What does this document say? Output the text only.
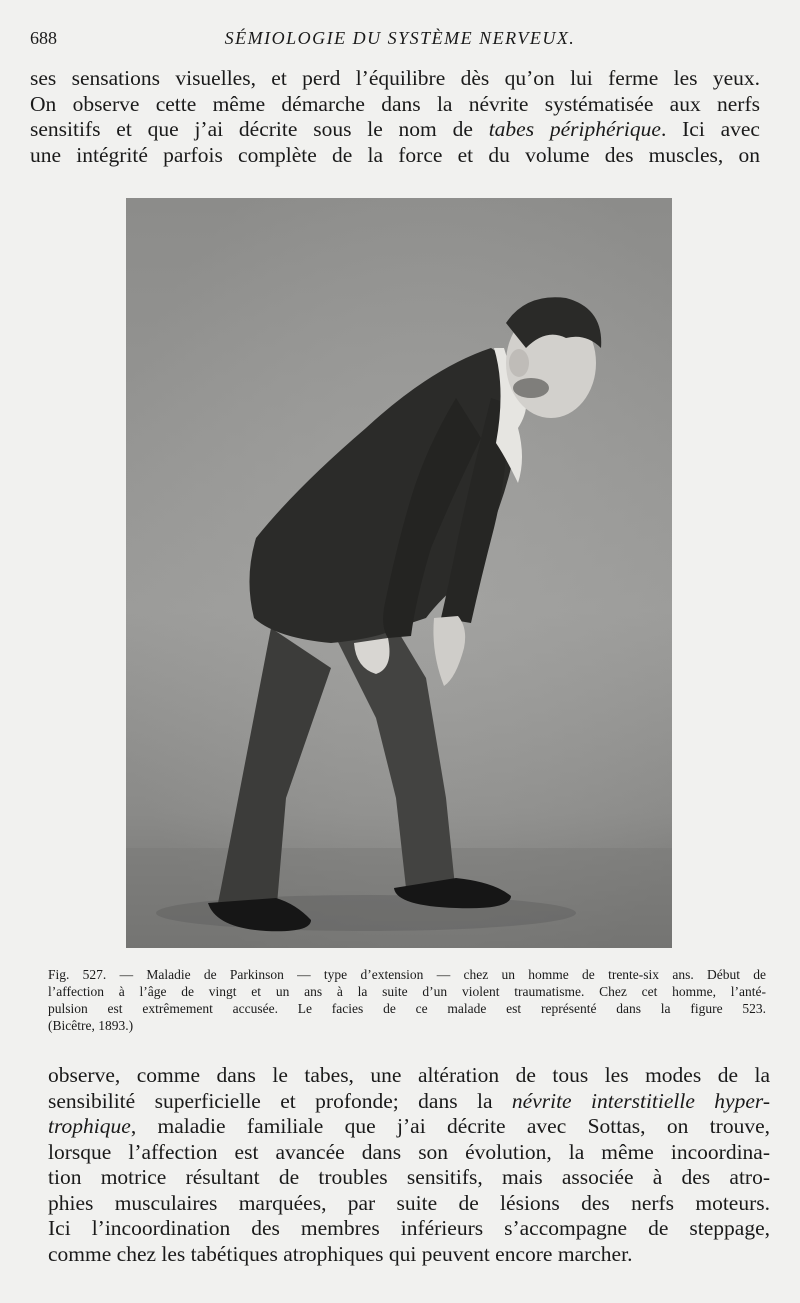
688	SÉMIOLOGIE DU SYSTÈME NERVEUX.
ses sensations visuelles, et perd l’équilibre dès qu’on lui ferme les yeux.
On observe cette même démarche dans la névrite systématisée aux nerfs
sensitifs et que j’ai décrite sous le nom de tabes périphérique. Ici avec
une intégrité parfois complète de la force et du volume des muscles, on
Fig. 527. — Maladie de Parkinson — type d’extension — chez un homme de trente-six ans. Début de
l’affection à l’âge de vingt et un ans à la suite d’un violent traumatisme. Chez cet homme, l’anté-
pulsion est extrêmement accusée. Le facies de ce malade est représenté dans la figure 523.
(Bicêtre, 1893.)
observe, comme dans le tabes, une altération de tous les modes de la
sensibilité superficielle et profonde; dans la névrite interstitielle hyper-
trophique, maladie familiale que j’ai décrite avec Sottas, on trouve,
lorsque l’affection est avancée dans son évolution, la même incoordina-
tion motrice résultant de troubles sensitifs, mais associée à des atro-
phies musculaires marquées, par suite de lésions des nerfs moteurs.
Ici l’incoordination des membres inférieurs s’accompagne de steppage,
comme chez les tabétiques atrophiques qui peuvent encore marcher.
